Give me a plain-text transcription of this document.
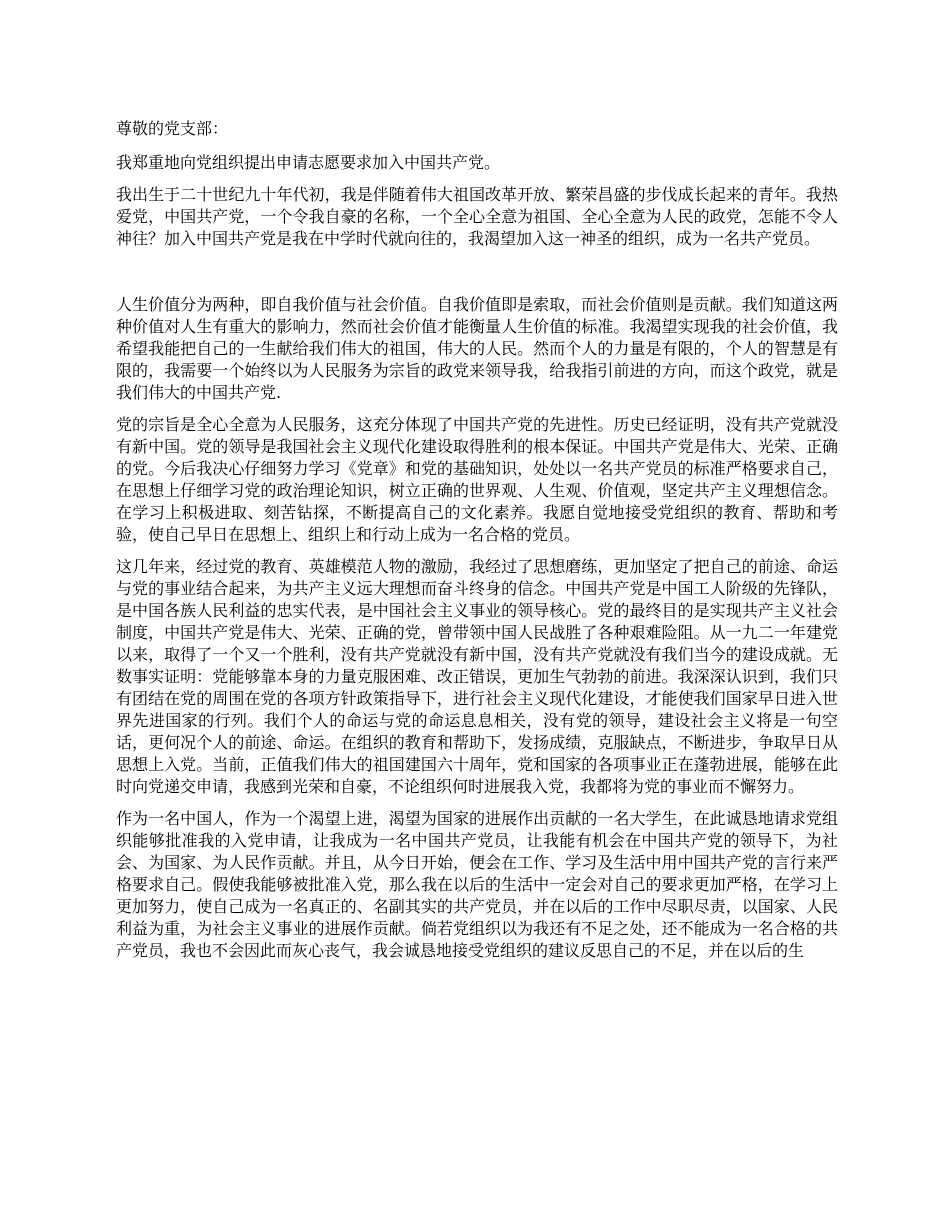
尊敬的党支部：

我郑重地向党组织提出申请志愿要求加入中国共产党。

我出生于二十世纪九十年代初，我是伴随着伟大祖国改革开放、繁荣昌盛的步伐成长起来的青年。我热爱党，中国共产党，一个令我自豪的名称，一个全心全意为祖国、全心全意为人民的政党，怎能不令人神往？加入中国共产党是我在中学时代就向往的，我渴望加入这一神圣的组织，成为一名共产党员。

人生价值分为两种，即自我价值与社会价值。自我价值即是索取，而社会价值则是贡献。我们知道这两种价值对人生有重大的影响力，然而社会价值才能衡量人生价值的标准。我渴望实现我的社会价值，我希望我能把自己的一生献给我们伟大的祖国，伟大的人民。然而个人的力量是有限的，个人的智慧是有限的，我需要一个始终以为人民服务为宗旨的政党来领导我，给我指引前进的方向，而这个政党，就是我们伟大的中国共产党.

党的宗旨是全心全意为人民服务，这充分体现了中国共产党的先进性。历史已经证明，没有共产党就没有新中国。党的领导是我国社会主义现代化建设取得胜利的根本保证。中国共产党是伟大、光荣、正确的党。今后我决心仔细努力学习《党章》和党的基础知识，处处以一名共产党员的标准严格要求自己，在思想上仔细学习党的政治理论知识，树立正确的世界观、人生观、价值观，坚定共产主义理想信念。在学习上积极进取、刻苦钻探，不断提高自己的文化素养。我愿自觉地接受党组织的教育、帮助和考验，使自己早日在思想上、组织上和行动上成为一名合格的党员。

这几年来，经过党的教育、英雄模范人物的激励，我经过了思想磨练，更加坚定了把自己的前途、命运与党的事业结合起来，为共产主义远大理想而奋斗终身的信念。中国共产党是中国工人阶级的先锋队，是中国各族人民利益的忠实代表，是中国社会主义事业的领导核心。党的最终目的是实现共产主义社会制度，中国共产党是伟大、光荣、正确的党，曾带领中国人民战胜了各种艰难险阻。从一九二一年建党以来，取得了一个又一个胜利，没有共产党就没有新中国，没有共产党就没有我们当今的建设成就。无数事实证明：党能够靠本身的力量克服困难、改正错误，更加生气勃勃的前进。我深深认识到，我们只有团结在党的周围在党的各项方针政策指导下，进行社会主义现代化建设，才能使我们国家早日进入世界先进国家的行列。我们个人的命运与党的命运息息相关，没有党的领导，建设社会主义将是一句空话，更何况个人的前途、命运。在组织的教育和帮助下，发扬成绩，克服缺点，不断进步，争取早日从思想上入党。当前，正值我们伟大的祖国建国六十周年，党和国家的各项事业正在蓬勃进展，能够在此时向党递交申请，我感到光荣和自豪，不论组织何时进展我入党，我都将为党的事业而不懈努力。

作为一名中国人，作为一个渴望上进，渴望为国家的进展作出贡献的一名大学生，在此诚恳地请求党组织能够批准我的入党申请，让我成为一名中国共产党员，让我能有机会在中国共产党的领导下，为社会、为国家、为人民作贡献。并且，从今日开始，便会在工作、学习及生活中用中国共产党的言行来严格要求自己。假使我能够被批准入党，那么我在以后的生活中一定会对自己的要求更加严格，在学习上更加努力，使自己成为一名真正的、名副其实的共产党员，并在以后的工作中尽职尽责，以国家、人民利益为重，为社会主义事业的进展作贡献。倘若党组织以为我还有不足之处，还不能成为一名合格的共产党员，我也不会因此而灰心丧气，我会诚恳地接受党组织的建议反思自己的不足，并在以后的生
